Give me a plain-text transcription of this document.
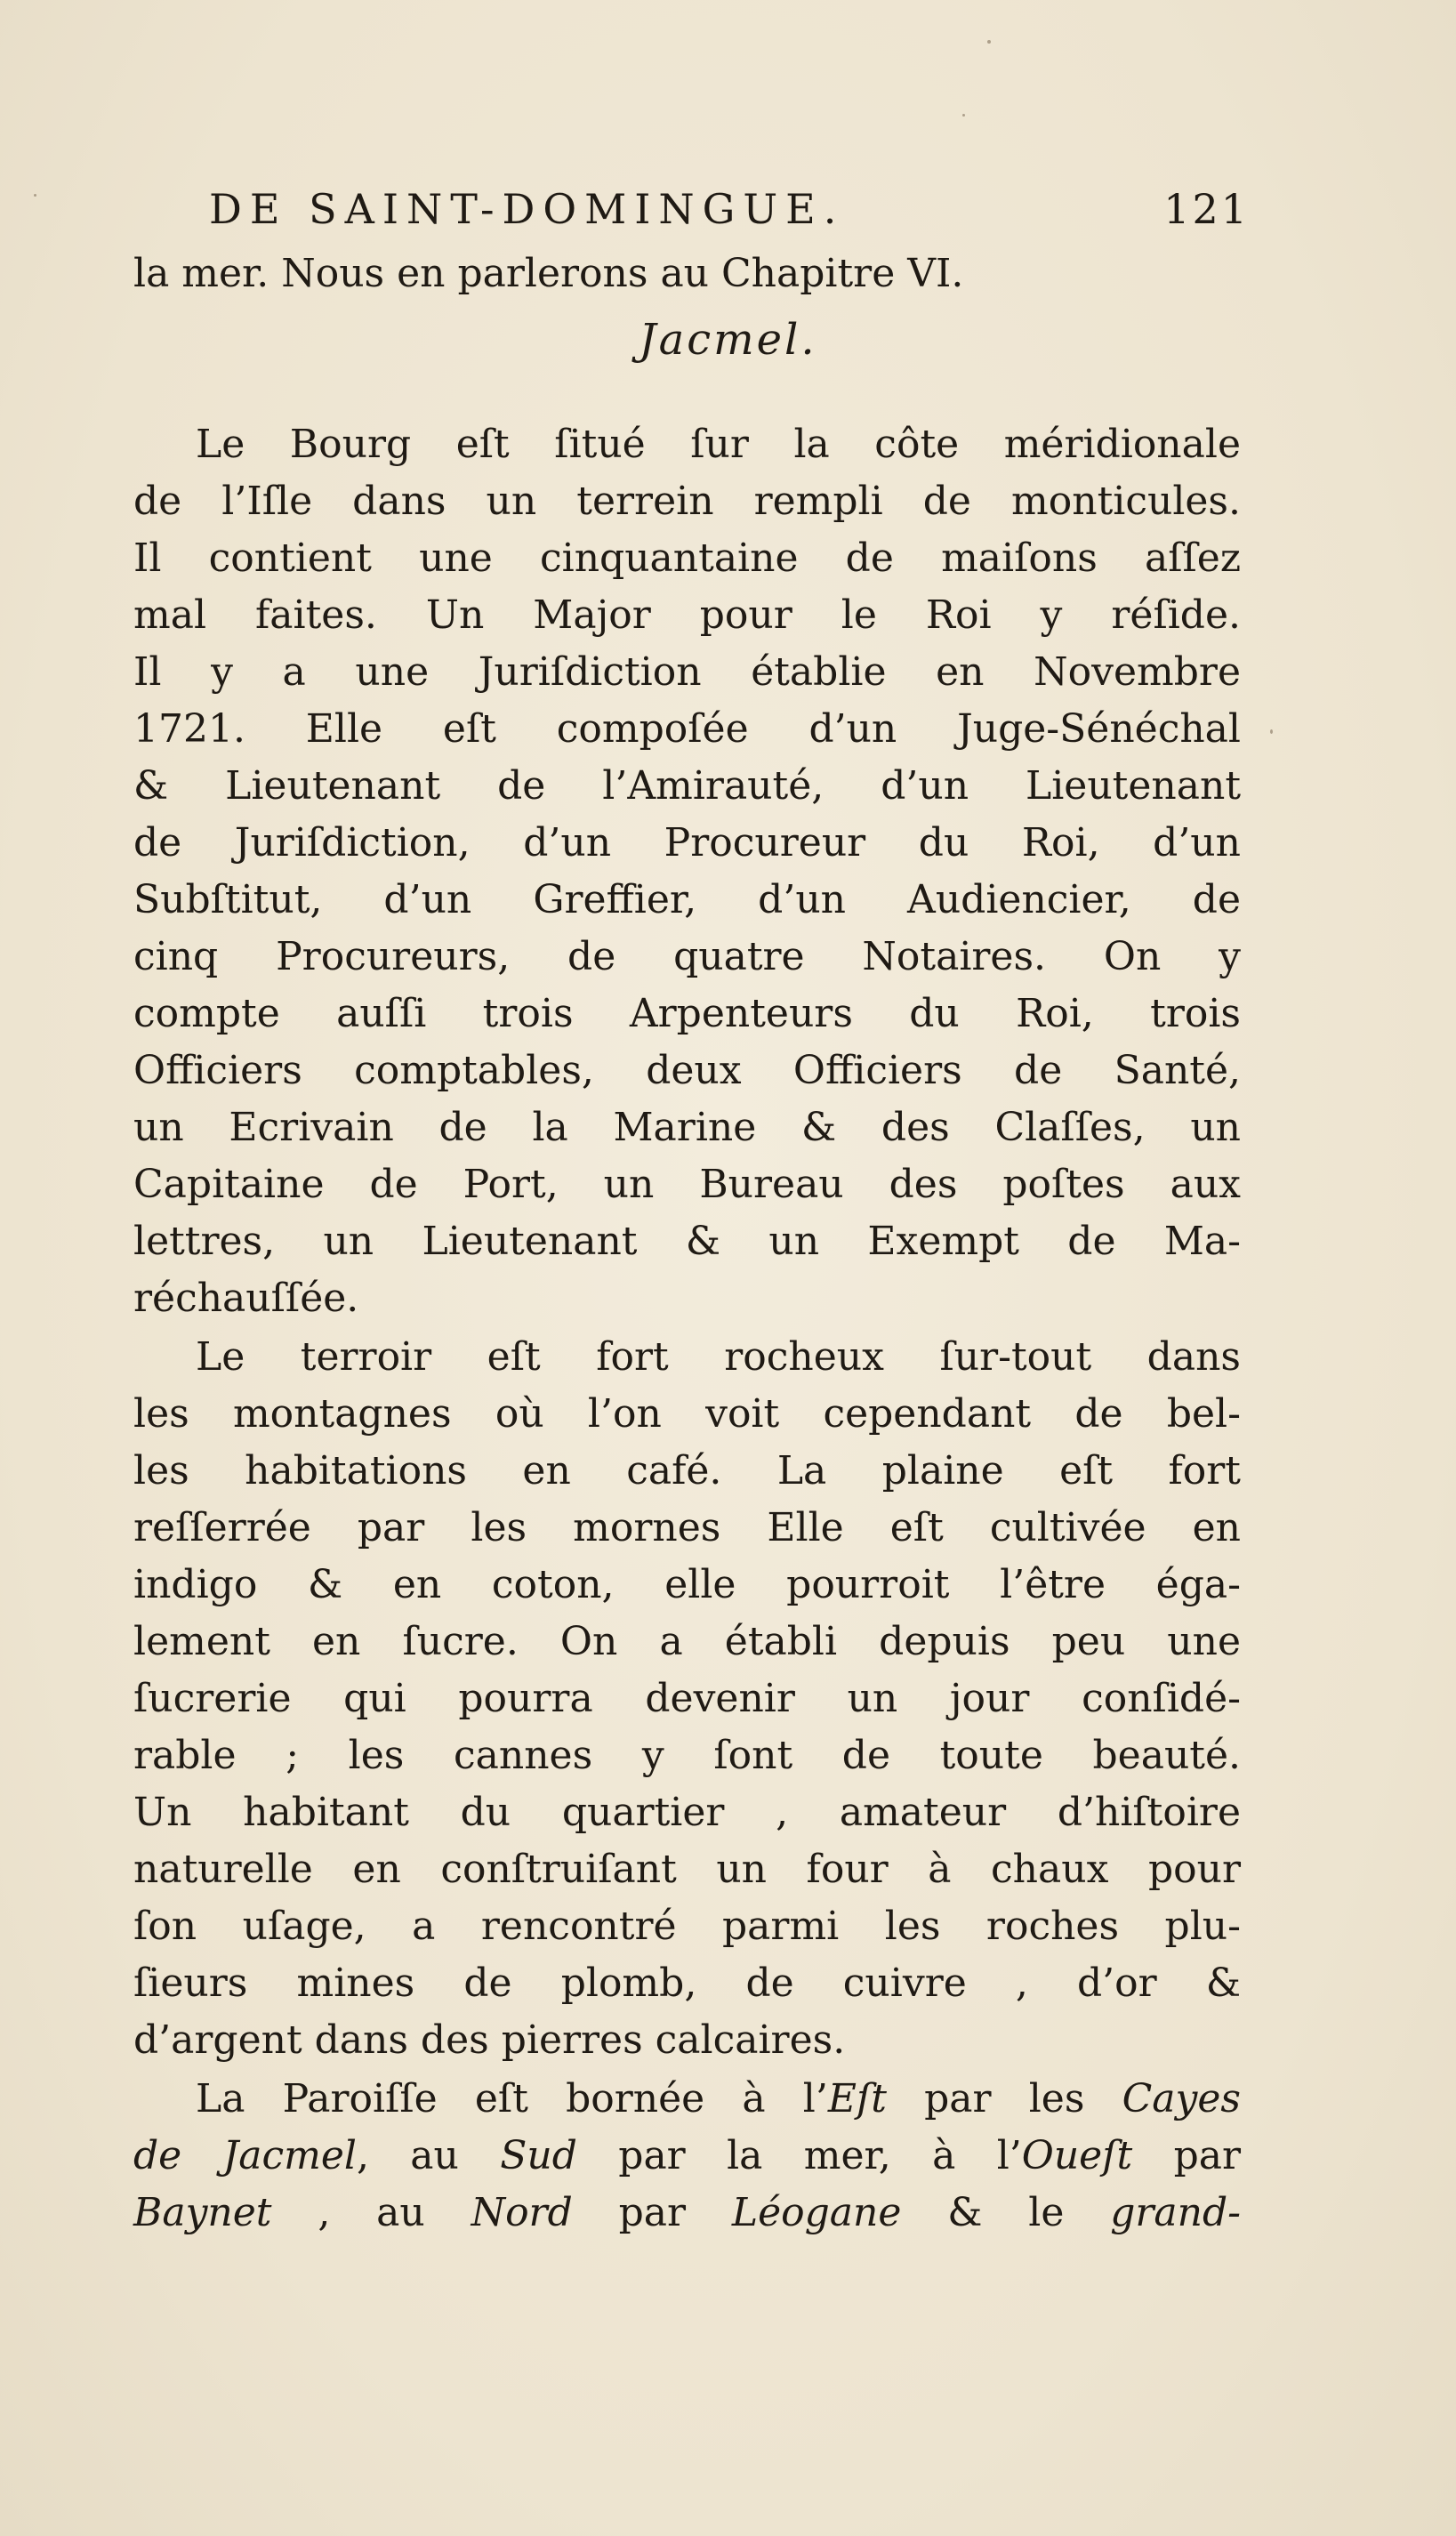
DE SAINT-DOMINGUE.	121
la mer. Nous en parlerons au Chapitre VI.
Jacmel.
Le Bourg eſt ſitué ſur la côte méridionale
de l’Iſle dans un terrein rempli de monticules.
Il contient une cinquantaine de maiſons aſſez
mal faites. Un Major pour le Roi y réſide.
Il y a une Juriſdiction établie en Novembre
1721. Elle eſt compoſée d’un Juge-Sénéchal
& Lieutenant de l’Amirauté, d’un Lieutenant
de Juriſdiction, d’un Procureur du Roi, d’un
Subſtitut, d’un Greffier, d’un Audiencier, de
cinq Procureurs, de quatre Notaires. On y
compte auſſi trois Arpenteurs du Roi, trois
Officiers comptables, deux Officiers de Santé,
un Ecrivain de la Marine & des Claſſes, un
Capitaine de Port, un Bureau des poſtes aux
lettres, un Lieutenant & un Exempt de Ma-
réchauſſée.
Le terroir eſt fort rocheux ſur-tout dans
les montagnes où l’on voit cependant de bel-
les habitations en café. La plaine eſt fort
reſſerrée par les mornes Elle eſt cultivée en
indigo & en coton, elle pourroit l’être éga-
lement en ſucre. On a établi depuis peu une
ſucrerie qui pourra devenir un jour conſidé-
rable ; les cannes y ſont de toute beauté.
Un habitant du quartier , amateur d’hiſtoire
naturelle en conſtruiſant un four à chaux pour
ſon uſage, a rencontré parmi les roches plu-
ſieurs mines de plomb, de cuivre , d’or &
d’argent dans des pierres calcaires.
La Paroiſſe eſt bornée à l’Eſt par les Cayes
de Jacmel, au Sud par la mer, à l’Oueſt par
Baynet , au Nord par Léogane & le grand-
